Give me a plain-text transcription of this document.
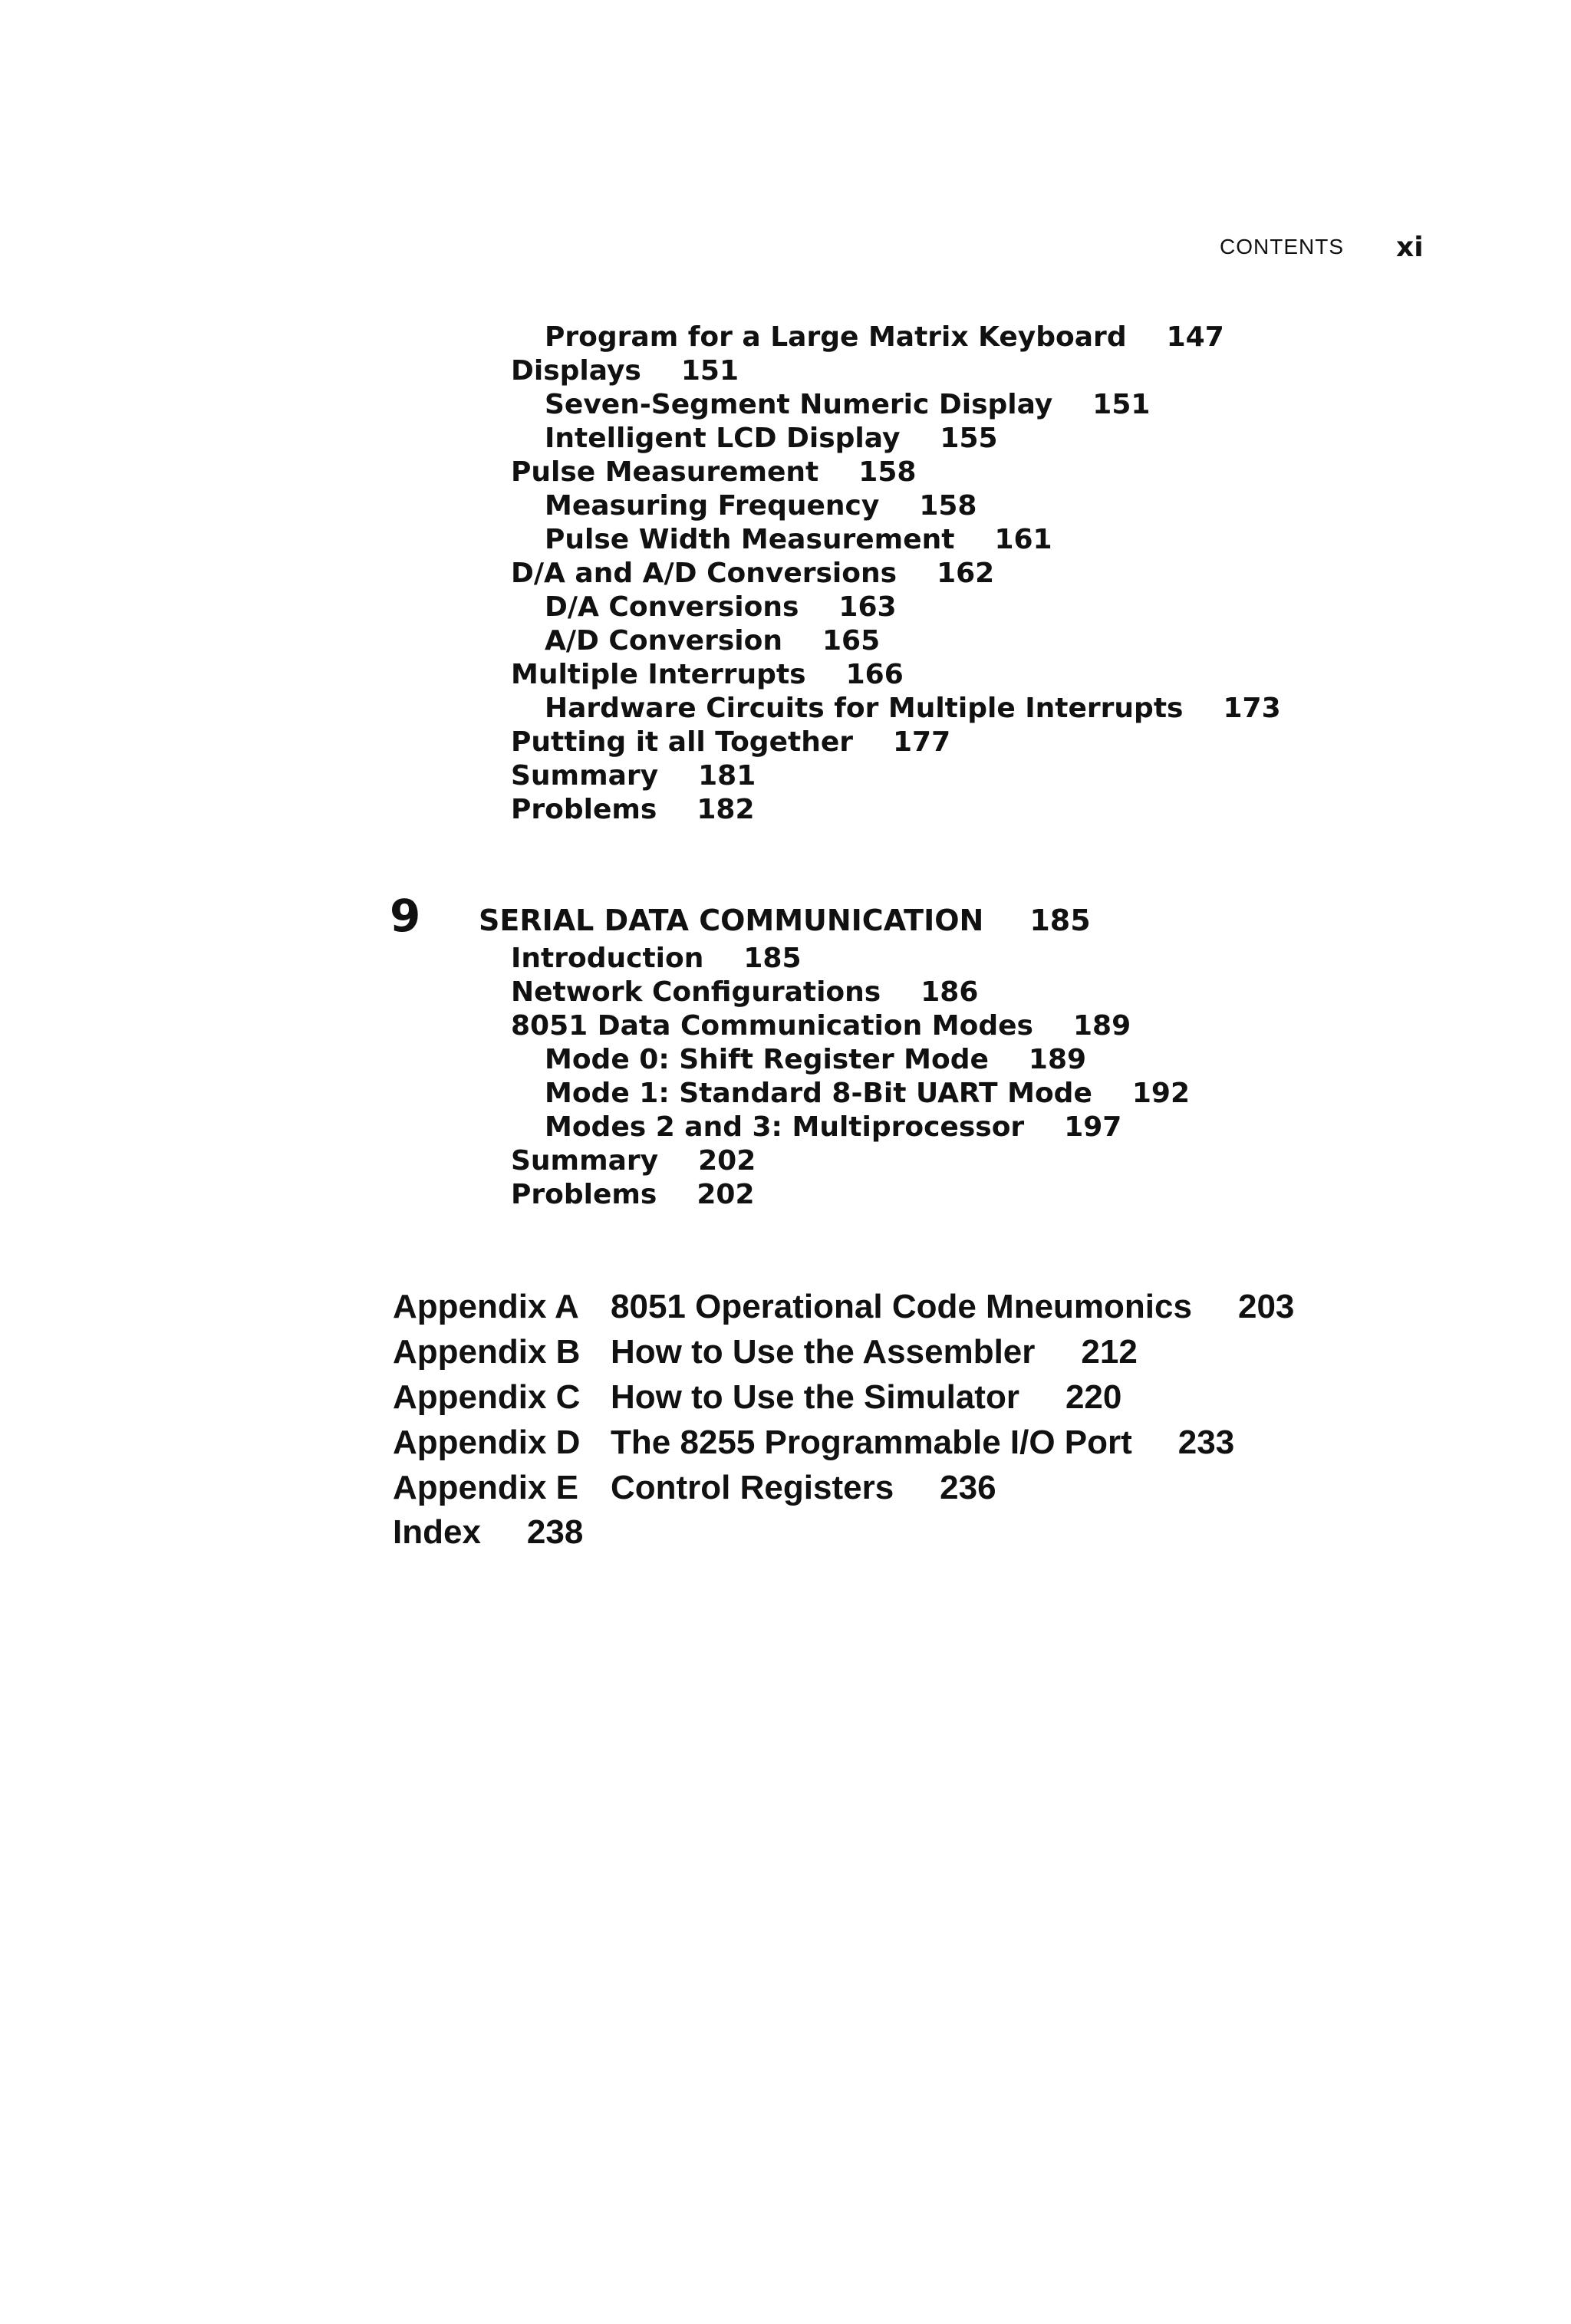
CONTENTS xi
Program for a Large Matrix Keyboard 147
Displays 151
Seven-Segment Numeric Display 151
Intelligent LCD Display 155
Pulse Measurement 158
Measuring Frequency 158
Pulse Width Measurement 161
D/A and A/D Conversions 162
D/A Conversions 163
A/D Conversion 165
Multiple Interrupts 166
Hardware Circuits for Multiple Interrupts 173
Putting it all Together 177
Summary 181
Problems 182
9 SERIAL DATA COMMUNICATION 185
Introduction 185
Network Configurations 186
8051 Data Communication Modes 189
Mode 0: Shift Register Mode 189
Mode 1: Standard 8-Bit UART Mode 192
Modes 2 and 3: Multiprocessor 197
Summary 202
Problems 202
Appendix A 8051 Operational Code Mneumonics 203
Appendix B How to Use the Assembler 212
Appendix C How to Use the Simulator 220
Appendix D The 8255 Programmable I/O Port 233
Appendix E Control Registers 236
Index 238
